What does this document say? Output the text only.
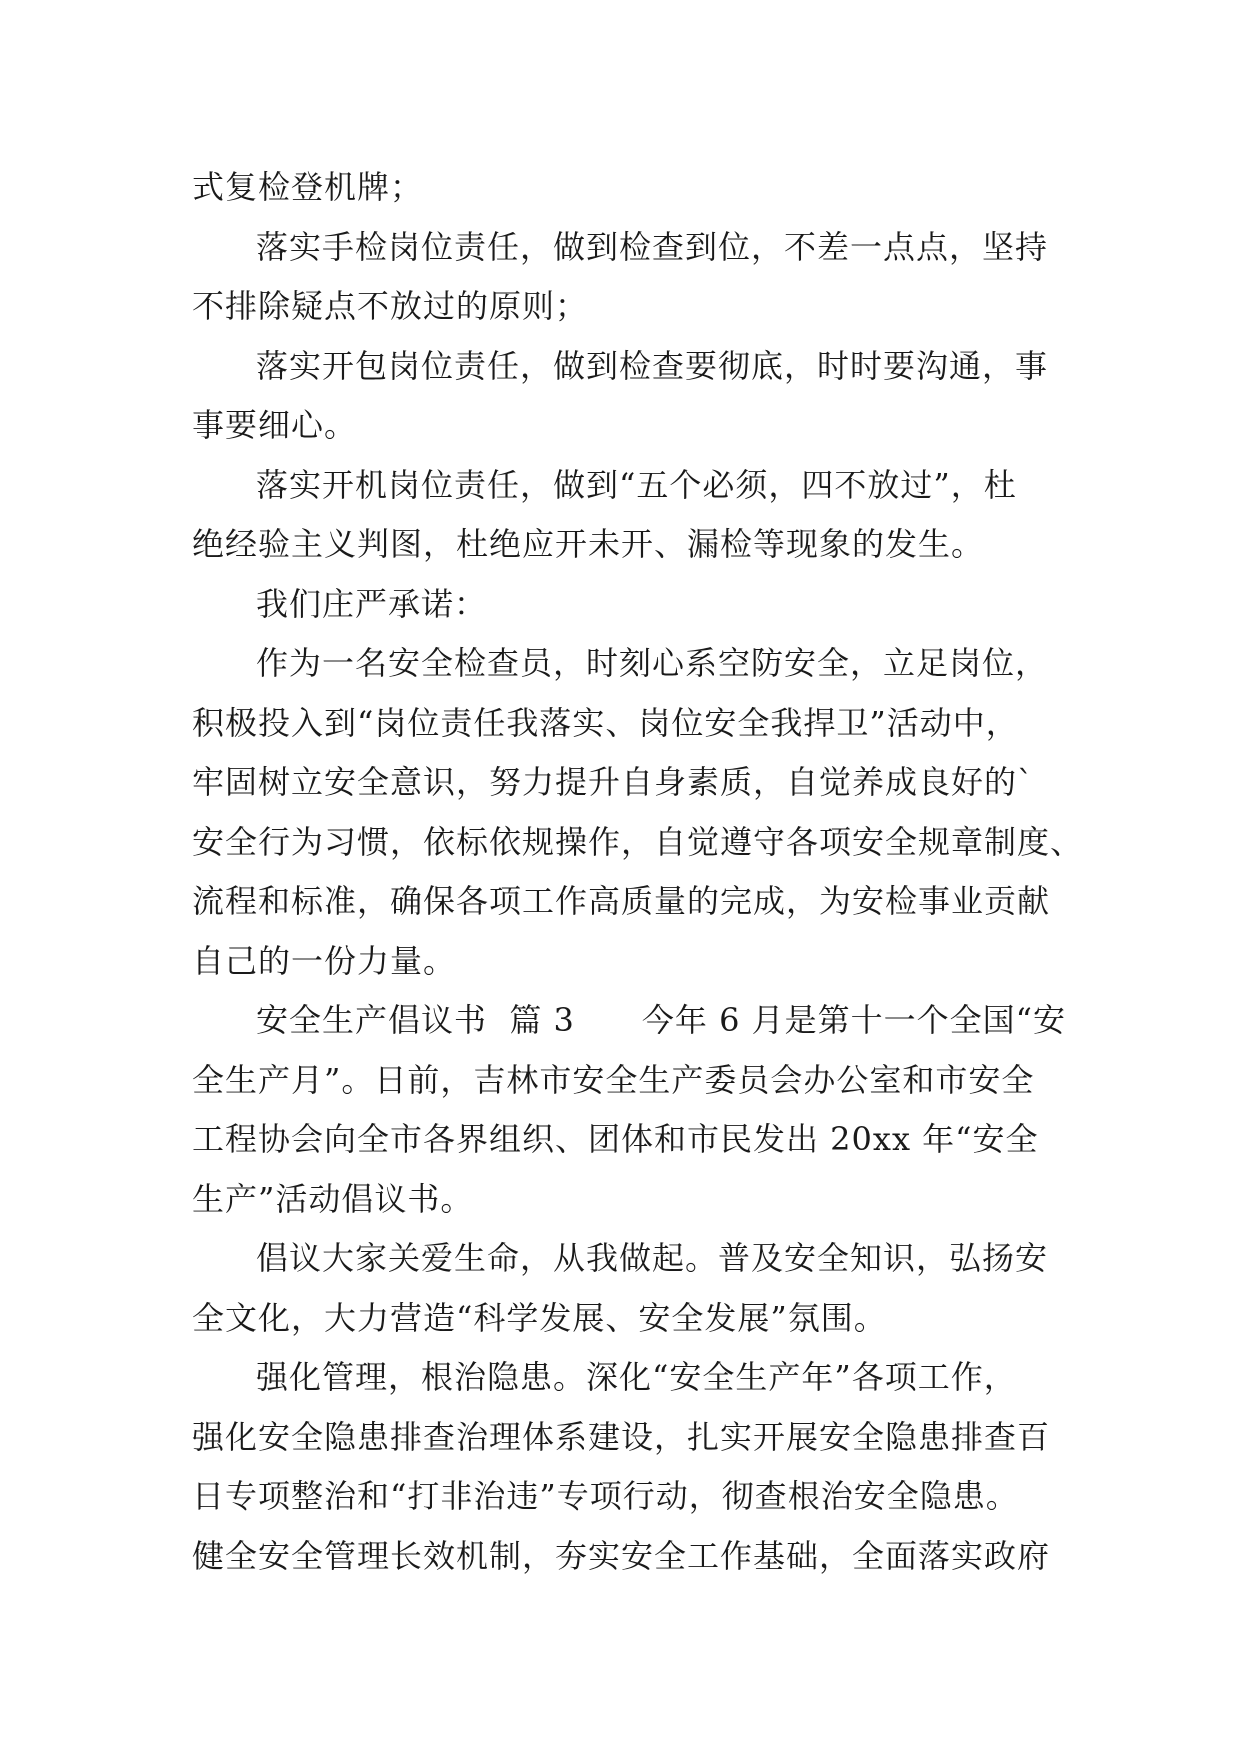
式复检登机牌；
落实手检岗位责任，做到检查到位，不差一点点，坚持
不排除疑点不放过的原则；
落实开包岗位责任，做到检查要彻底，时时要沟通，事
事要细心。
落实开机岗位责任，做到“五个必须，四不放过”，杜
绝经验主义判图，杜绝应开未开、漏检等现象的发生。
我们庄严承诺：
作为一名安全检查员，时刻心系空防安全，立足岗位，
积极投入到“岗位责任我落实、岗位安全我捍卫”活动中，
牢固树立安全意识，努力提升自身素质，自觉养成良好的`
安全行为习惯，依标依规操作，自觉遵守各项安全规章制度、
流程和标准，确保各项工作高质量的完成，为安检事业贡献
自己的一份力量。
安全生产倡议书  篇 3      今年 6 月是第十一个全国“安
全生产月”。日前，吉林市安全生产委员会办公室和市安全
工程协会向全市各界组织、团体和市民发出 20xx 年“安全
生产”活动倡议书。
倡议大家关爱生命，从我做起。普及安全知识，弘扬安
全文化，大力营造“科学发展、安全发展”氛围。
强化管理，根治隐患。深化“安全生产年”各项工作，
强化安全隐患排查治理体系建设，扎实开展安全隐患排查百
日专项整治和“打非治违”专项行动，彻查根治安全隐患。
健全安全管理长效机制，夯实安全工作基础，全面落实政府
